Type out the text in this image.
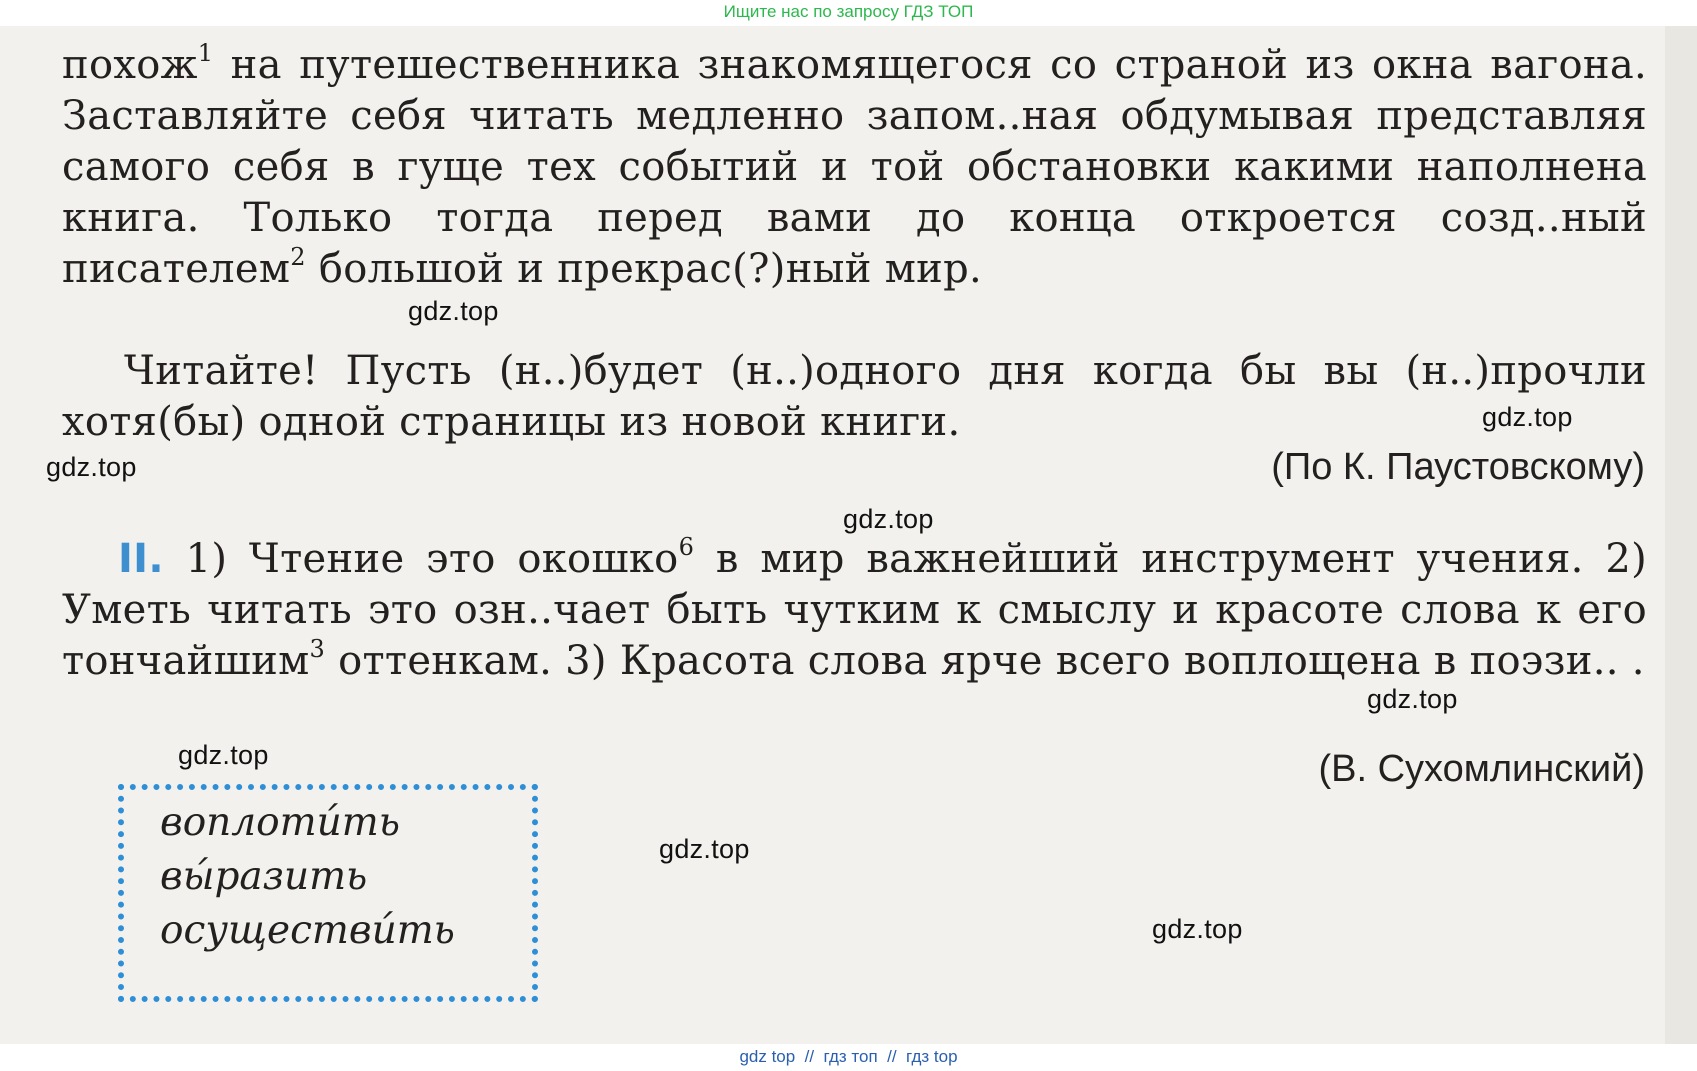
Ищите нас по запросу ГДЗ ТОП

похож$^1$ на путешественника знакомящегося со страной из окна вагона. Заставляйте себя читать медленно запом..ная обдумывая представляя самого себя в гуще тех событий и той обстановки какими наполнена книга. Только тогда перед вами до конца откроется созд..ный писателем$^2$ большой и прекрас(?)ный мир.

Читайте! Пусть (н..)будет (н..)одного дня когда бы вы (н..)прочли хотя(бы) одной страницы из новой книги.

(По К. Паустовскому)

II. 1) Чтение это окошко$^6$ в мир важнейший инструмент учения. 2) Уметь читать это озн..чает быть чутким к смыслу и красоте слова к его тончайшим$^3$ оттенкам. 3) Красота слова ярче всего воплощена в поэзи.. .

(В. Сухомлинский)
воплоти́ть
вы́разить
осуществи́ть
gdz.top
gdz.top
gdz.top
gdz.top
gdz.top
gdz.top
gdz.top
gdz.top
gdz top  //  гдз топ  //  гдз top
